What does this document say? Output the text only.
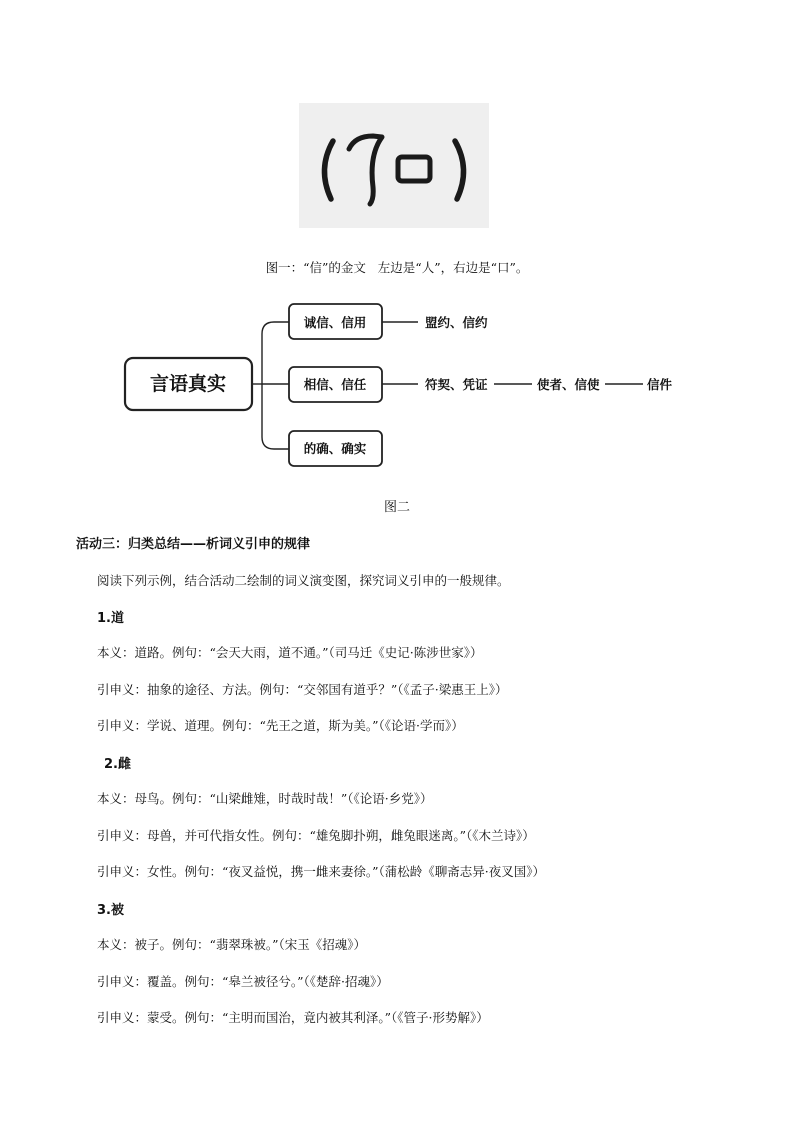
图一：“信”的金文   左边是“人”，右边是“口”。
言语真实
诚信、信用
相信、信任
的确、确实
盟约、信约
符契、凭证	使者、信使	信件
图二
活动三：归类总结——析词义引申的规律
阅读下列示例，结合活动二绘制的词义演变图，探究词义引申的一般规律。
1.道
本义：道路。例句：“会天大雨，道不通。”（司马迁《史记·陈涉世家》）
引申义：抽象的途径、方法。例句：“交邻国有道乎？”（《孟子·梁惠王上》）
引申义：学说、道理。例句：“先王之道，斯为美。”（《论语·学而》）
2.雌
本义：母鸟。例句：“山梁雌雉，时哉时哉！”（《论语·乡党》）
引申义：母兽，并可代指女性。例句：“雄兔脚扑朔，雌兔眼迷离。”（《木兰诗》）
引申义：女性。例句：“夜叉益悦，携一雌来妻徐。”（蒲松龄《聊斋志异·夜叉国》）
3.被
本义：被子。例句：“翡翠珠被。”（宋玉《招魂》）
引申义：覆盖。例句：“皋兰被径兮。”（《楚辞·招魂》）
引申义：蒙受。例句：“主明而国治，竟内被其利泽。”（《管子·形势解》）
